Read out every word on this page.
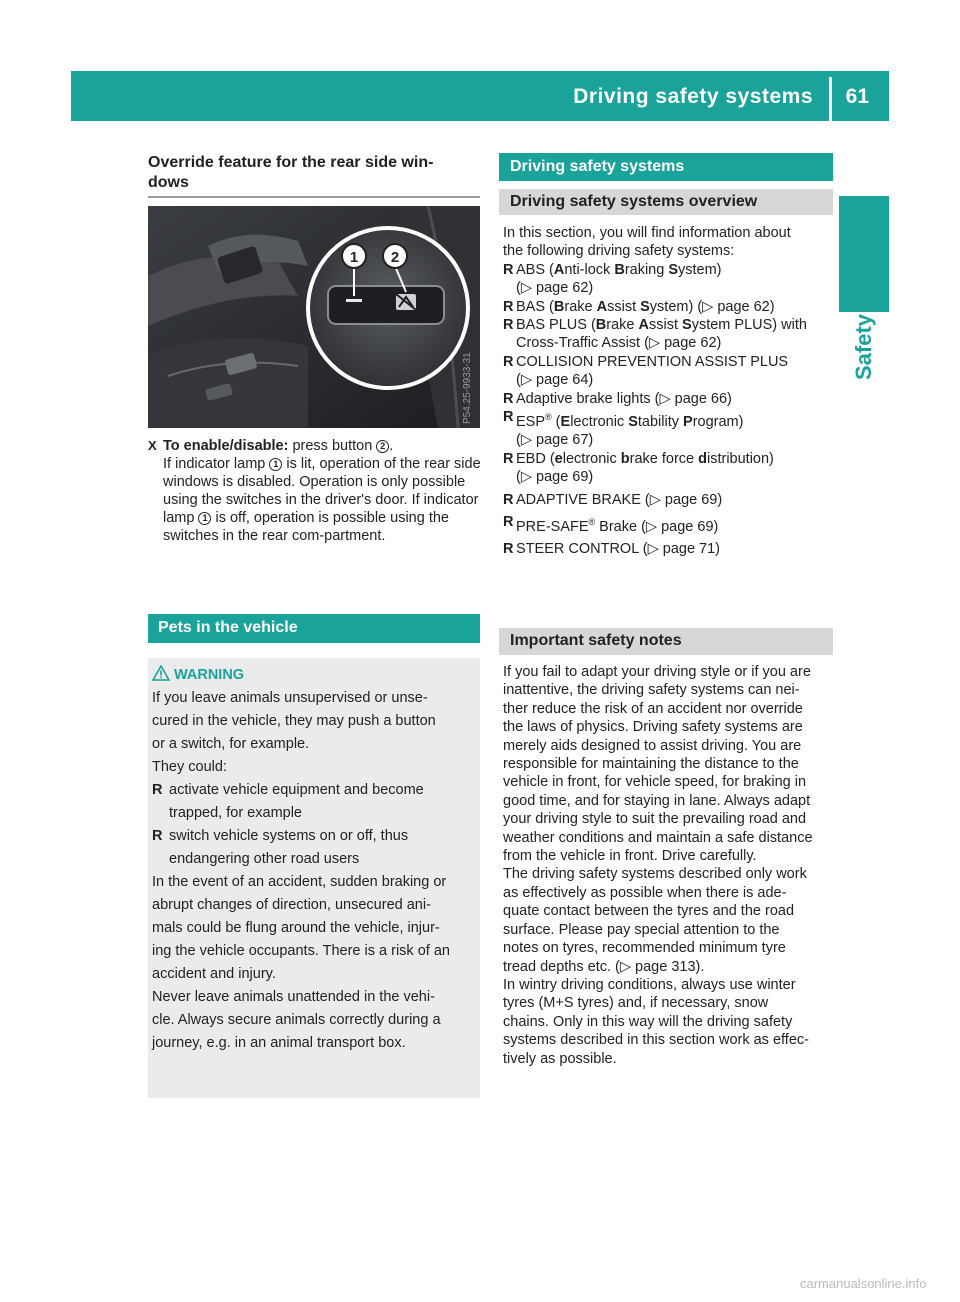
Driving safety systems 61
Safety
Override feature for the rear side win-
dows
1 2
P54.25-9933-31
X To enable/disable: press button 2 .
If indicator lamp 1 is lit, operation of the rear side windows is disabled. Operation is only possible using the switches in the driver's door. If indicator lamp 1 is off, operation is possible using the switches in the rear com-partment.
Pets in the vehicle
WARNING
If you leave animals unsupervised or unse-
cured in the vehicle, they may push a button
or a switch, for example.
They could:
R activate vehicle equipment and become
trapped, for example
R switch vehicle systems on or off, thus
endangering other road users
In the event of an accident, sudden braking or
abrupt changes of direction, unsecured ani-
mals could be flung around the vehicle, injur-
ing the vehicle occupants. There is a risk of an
accident and injury.
Never leave animals unattended in the vehi-
cle. Always secure animals correctly during a
journey, e.g. in an animal transport box.
Driving safety systems
Driving safety systems overview
In this section, you will find information about
the following driving safety systems:
R ABS (Anti-lock Braking System)
(▷ page 62)
R BAS (Brake Assist System) (▷ page 62)
R BAS PLUS (Brake Assist System PLUS) with
Cross-Traffic Assist (▷ page 62)
R COLLISION PREVENTION ASSIST PLUS
(▷ page 64)
R Adaptive brake lights (▷ page 66)
R ESP® (Electronic Stability Program)
(▷ page 67)
R EBD (electronic brake force distribution)
(▷ page 69)
R ADAPTIVE BRAKE (▷ page 69)
R PRE-SAFE® Brake (▷ page 69)
R STEER CONTROL (▷ page 71)
Important safety notes

If you fail to adapt your driving style or if you are

inattentive, the driving safety systems can nei-

ther reduce the risk of an accident nor override

the laws of physics. Driving safety systems are

merely aids designed to assist driving. You are

responsible for maintaining the distance to the

vehicle in front, for vehicle speed, for braking in

good time, and for staying in lane. Always adapt

your driving style to suit the prevailing road and

weather conditions and maintain a safe distance

from the vehicle in front. Drive carefully.

The driving safety systems described only work

as effectively as possible when there is ade-

quate contact between the tyres and the road

surface. Please pay special attention to the

notes on tyres, recommended minimum tyre

tread depths etc. (▷ page 313).

In wintry driving conditions, always use winter

tyres (M+S tyres) and, if necessary, snow

chains. Only in this way will the driving safety

systems described in this section work as effec-

tively as possible.

carmanualsonline.info
